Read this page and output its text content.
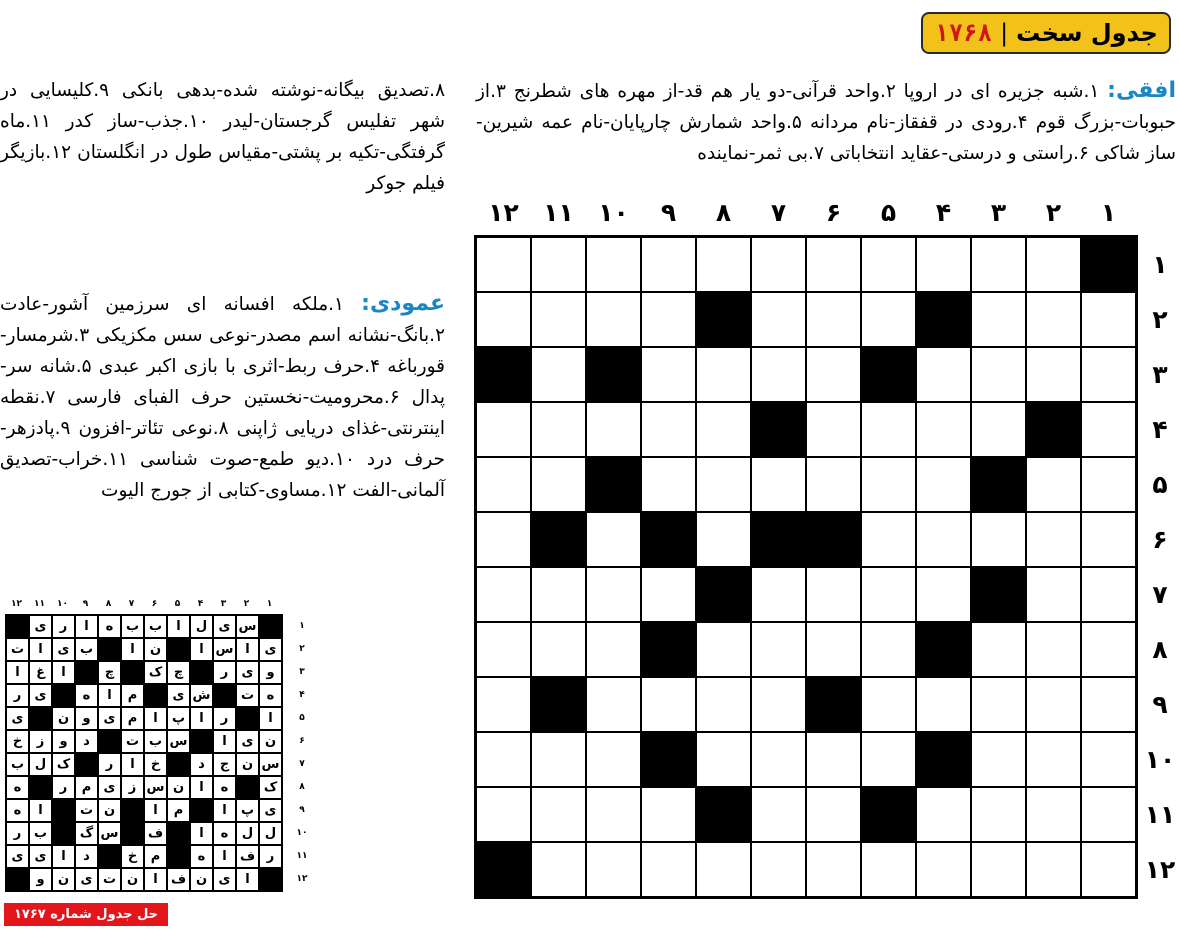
جدول سخت
|
۱۷۶۸
افقی: ۱.شبه جزیره ای در اروپا ۲.واحد قرآنی-دو یار هم قد-از مهره های شطرنج ۳.از حبوبات-بزرگ قوم ۴.رودی در قفقاز-نام مردانه ۵.واحد شمارش چارپایان-نام عمه شیرین-ساز شاکی ۶.راستی و درستی-عقاید انتخاباتی ۷.بی ثمر-نماینده
۸.تصدیق بیگانه-نوشته شده-بدهی بانکی ۹.کلیسایی در شهر تفلیس گرجستان-لیدر ۱۰.جذب-ساز کدر ۱۱.ماه گرفتگی-تکیه بر پشتی-مقیاس طول در انگلستان ۱۲.بازیگر فیلم جوکر
عمودی: ۱.ملکه افسانه ای سرزمین آشور-عادت ۲.بانگ-نشانه اسم مصدر-نوعی سس مکزیکی ۳.شرمسار-قورباغه ۴.حرف ربط-اثری با بازی اکبر عبدی ۵.شانه سر-پدال ۶.محرومیت-نخستین حرف الفبای فارسی ۷.نقطه اینترنتی-غذای دریایی ژاپنی ۸.نوعی تئاتر-افزون ۹.پادزهر-حرف درد ۱۰.دیو طمع-صوت شناسی ۱۱.خراب-تصدیق آلمانی-الفت ۱۲.مساوی-کتابی از جورج الیوت
۱
۲
۳
۴
۵
۶
۷
۸
۹
۱۰
۱۱
۱۲
۱
۲
۳
۴
۵
۶
۷
۸
۹
۱۰
۱۱
۱۲
۱
۲
۳
۴
۵
۶
۷
۸
۹
۱۰
۱۱
۱۲
۱
۲
۳
۴
۵
۶
۷
۸
۹
۱۰
۱۱
۱۲
س
ی
ل
ا
ب
ب
ه
ا
ر
ی
ی
ا
س
ا
ن
ا
ب
ی
ا
ت
و
ی
ر
چ
ک
چ
ا
غ
ا
ه
ت
ش
ی
م
ا
ه
ی
ر
ا
ر
ا
پ
ا
م
ی
و
ن
ی
ن
ی
ا
س
ب
ت
د
و
ز
خ
س
ن
ج
د
خ
ا
ر
ک
ل
ب
ک
ه
ا
ن
س
ز
ی
م
ر
ه
ی
پ
ا
م
ا
ن
ت
ا
ه
ل
ل
ه
ا
ف
س
گ
ب
ر
ر
ف
ا
ه
م
خ
د
ا
ی
ی
ا
ی
ن
ف
ا
ن
ت
ی
ن
و
حل جدول شماره ۱۷۶۷
